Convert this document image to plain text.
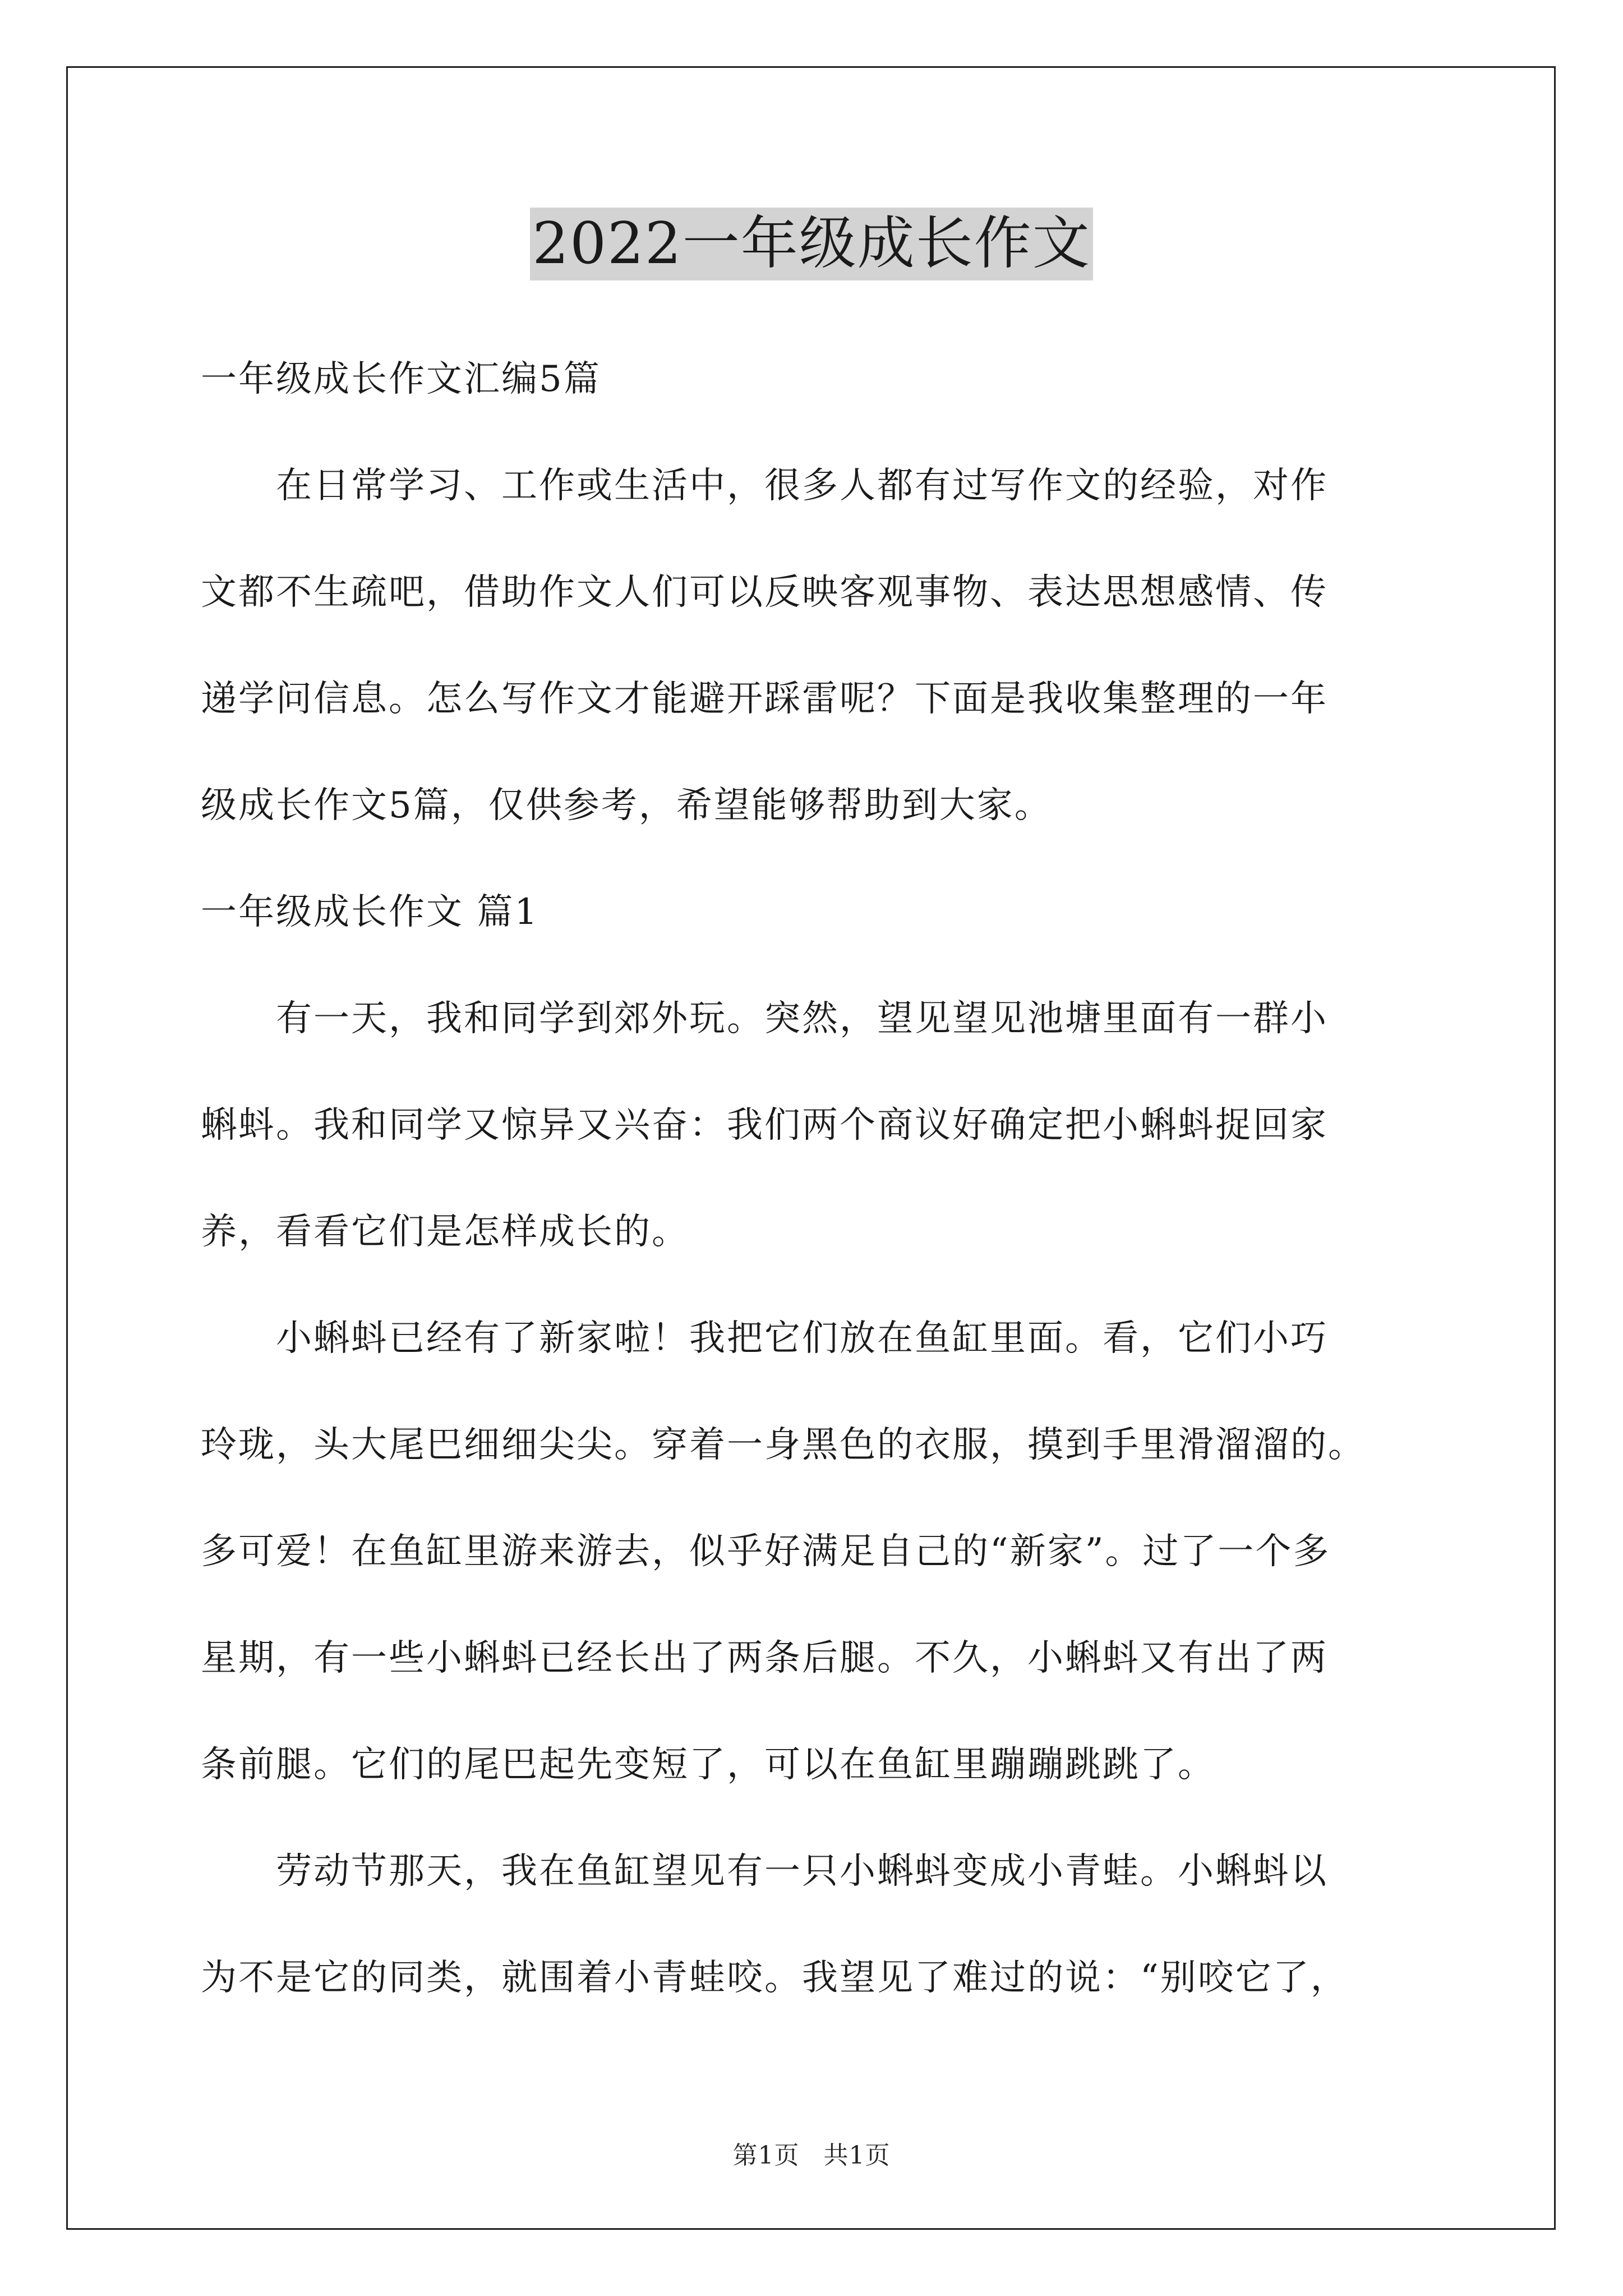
2022一年级成长作文
一年级成长作文汇编5篇
　　在日常学习、工作或生活中，很多人都有过写作文的经验，对作
文都不生疏吧，借助作文人们可以反映客观事物、表达思想感情、传
递学问信息。怎么写作文才能避开踩雷呢？下面是我收集整理的一年
级成长作文5篇，仅供参考，希望能够帮助到大家。
一年级成长作文 篇1
　　有一天，我和同学到郊外玩。突然，望见望见池塘里面有一群小
蝌蚪。我和同学又惊异又兴奋：我们两个商议好确定把小蝌蚪捉回家
养，看看它们是怎样成长的。
　　小蝌蚪已经有了新家啦！我把它们放在鱼缸里面。看，它们小巧
玲珑，头大尾巴细细尖尖。穿着一身黑色的衣服，摸到手里滑溜溜的。
多可爱！在鱼缸里游来游去，似乎好满足自己的“新家”。过了一个多
星期，有一些小蝌蚪已经长出了两条后腿。不久，小蝌蚪又有出了两
条前腿。它们的尾巴起先变短了，可以在鱼缸里蹦蹦跳跳了。
　　劳动节那天，我在鱼缸望见有一只小蝌蚪变成小青蛙。小蝌蚪以
为不是它的同类，就围着小青蛙咬。我望见了难过的说：“别咬它了，
第1页 共1页
